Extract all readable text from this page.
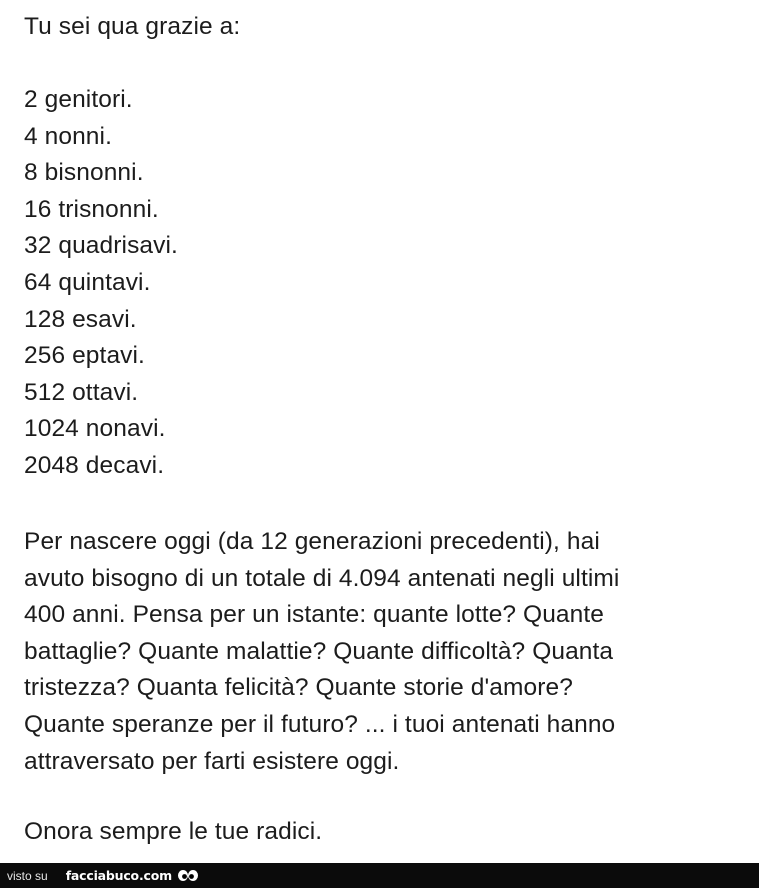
Tu sei qua grazie a:
2 genitori.
4 nonni.
8 bisnonni.
16 trisnonni.
32 quadrisavi.
64 quintavi.
128 esavi.
256 eptavi.
512 ottavi.
1024 nonavi.
2048 decavi.
Per nascere oggi (da 12 generazioni precedenti), hai
avuto bisogno di un totale di 4.094 antenati negli ultimi
400 anni. Pensa per un istante: quante lotte? Quante
battaglie? Quante malattie? Quante difficoltà? Quanta
tristezza? Quanta felicità? Quante storie d'amore?
Quante speranze per il futuro? ... i tuoi antenati hanno
attraversato per farti esistere oggi.
Onora sempre le tue radici.
visto su facciabuco.com
